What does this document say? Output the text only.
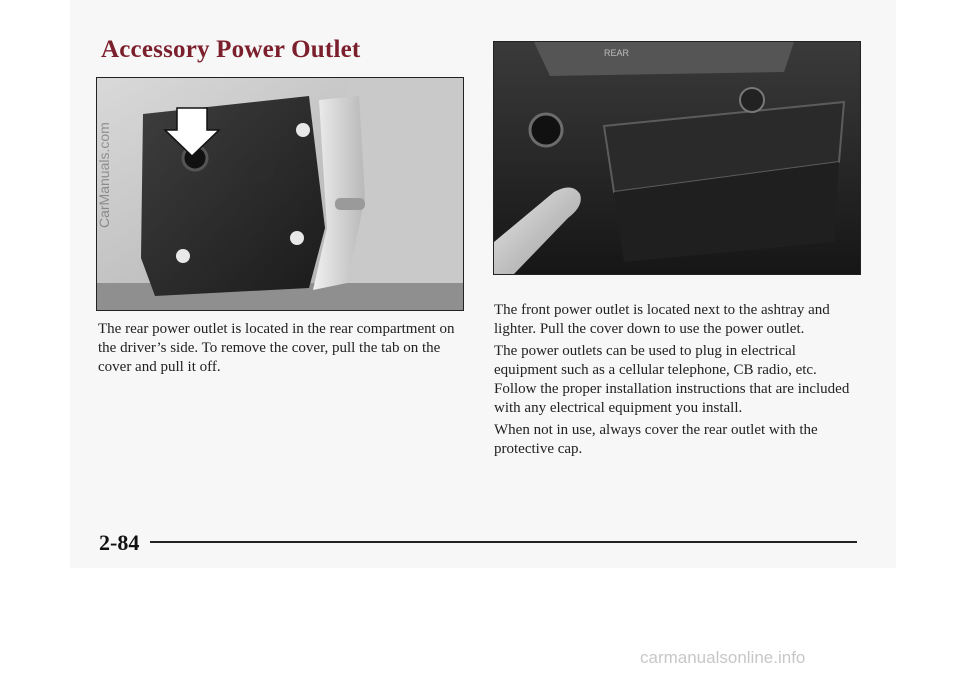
Accessory Power Outlet	REAR

The rear power outlet is located in the rear compartment on the driver’s side. To remove the cover, pull the tab on the cover and pull it off.

The front power outlet is located next to the ashtray and lighter. Pull the cover down to use the power outlet.

The power outlets can be used to plug in electrical equipment such as a cellular telephone, CB radio, etc. Follow the proper installation instructions that are included with any electrical equipment you install.

When not in use, always cover the rear outlet with the protective cap.

2-84

CarManuals.com
carmanualsonline.info
